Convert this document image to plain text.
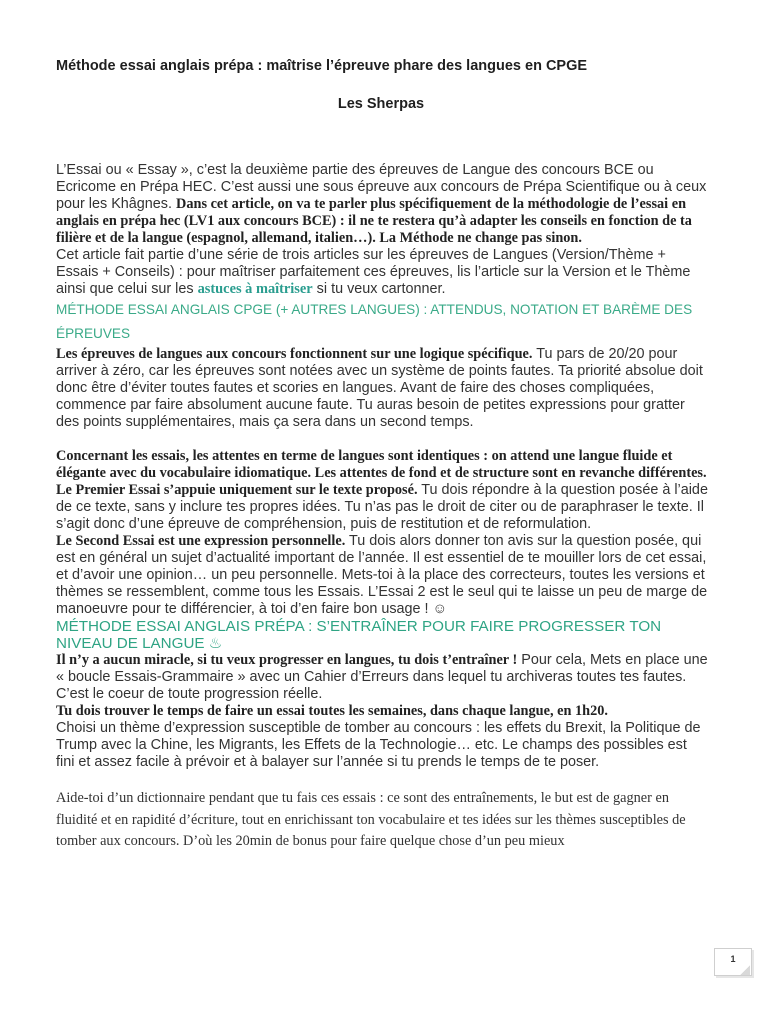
Méthode essai anglais prépa : maîtrise l’épreuve phare des langues en CPGE
Les Sherpas

L’Essai ou « Essay », c’est la deuxième partie des épreuves de Langue des concours BCE ou Ecricome en Prépa HEC. C’est aussi une sous épreuve aux concours de Prépa Scientifique ou à ceux pour les Khâgnes. Dans cet article, on va te parler plus spécifiquement de la méthodologie de l’essai en anglais en prépa hec (LV1 aux concours BCE) : il ne te restera qu’à adapter les conseils en fonction de ta filière et de la langue (espagnol, allemand, italien…). La Méthode ne change pas sinon.

Cet article fait partie d’une série de trois articles sur les épreuves de Langues (Version/Thème + Essais + Conseils) : pour maîtriser parfaitement ces épreuves, lis l’article sur la Version et le Thème ainsi que celui sur les astuces à maîtriser si tu veux cartonner.

MÉTHODE ESSAI ANGLAIS CPGE (+ AUTRES LANGUES) : ATTENDUS, NOTATION ET BARÈME DES ÉPREUVES

Les épreuves de langues aux concours fonctionnent sur une logique spécifique. Tu pars de 20/20 pour arriver à zéro, car les épreuves sont notées avec un système de points fautes. Ta priorité absolue doit donc être d’éviter toutes fautes et scories en langues. Avant de faire des choses compliquées, commence par faire absolument aucune faute. Tu auras besoin de petites expressions pour gratter des points supplémentaires, mais ça sera dans un second temps.

Concernant les essais, les attentes en terme de langues sont identiques : on attend une langue fluide et élégante avec du vocabulaire idiomatique. Les attentes de fond et de structure sont en revanche différentes.

Le Premier Essai s’appuie uniquement sur le texte proposé. Tu dois répondre à la question posée à l’aide de ce texte, sans y inclure tes propres idées. Tu n’as pas le droit de citer ou de paraphraser le texte. Il s’agit donc d’une épreuve de compréhension, puis de restitution et de reformulation.

Le Second Essai est une expression personnelle. Tu dois alors donner ton avis sur la question posée, qui est en général un sujet d’actualité important de l’année. Il est essentiel de te mouiller lors de cet essai, et d’avoir une opinion… un peu personnelle. Mets-toi à la place des correcteurs, toutes les versions et thèmes se ressemblent, comme tous les Essais. L’Essai 2 est le seul qui te laisse un peu de marge de manoeuvre pour te différencier, à toi d’en faire bon usage ! ☺

MÉTHODE ESSAI ANGLAIS PRÉPA : S’ENTRAÎNER POUR FAIRE PROGRESSER TON NIVEAU DE LANGUE ♨

Il n’y a aucun miracle, si tu veux progresser en langues, tu dois t’entraîner ! Pour cela, Mets en place une « boucle Essais-Grammaire » avec un Cahier d’Erreurs dans lequel tu archiveras toutes tes fautes. C’est le coeur de toute progression réelle.

Tu dois trouver le temps de faire un essai toutes les semaines, dans chaque langue, en 1h20.

Choisi un thème d’expression susceptible de tomber au concours : les effets du Brexit, la Politique de Trump avec la Chine, les Migrants, les Effets de la Technologie… etc. Le champs des possibles est fini et assez facile à prévoir et à balayer sur l’année si tu prends le temps de te poser.

Aide-toi d’un dictionnaire pendant que tu fais ces essais : ce sont des entraînements, le but est de gagner en fluidité et en rapidité d’écriture, tout en enrichissant ton vocabulaire et tes idées sur les thèmes susceptibles de tomber aux concours. D’où les 20min de bonus pour faire quelque chose d’un peu mieux

1
